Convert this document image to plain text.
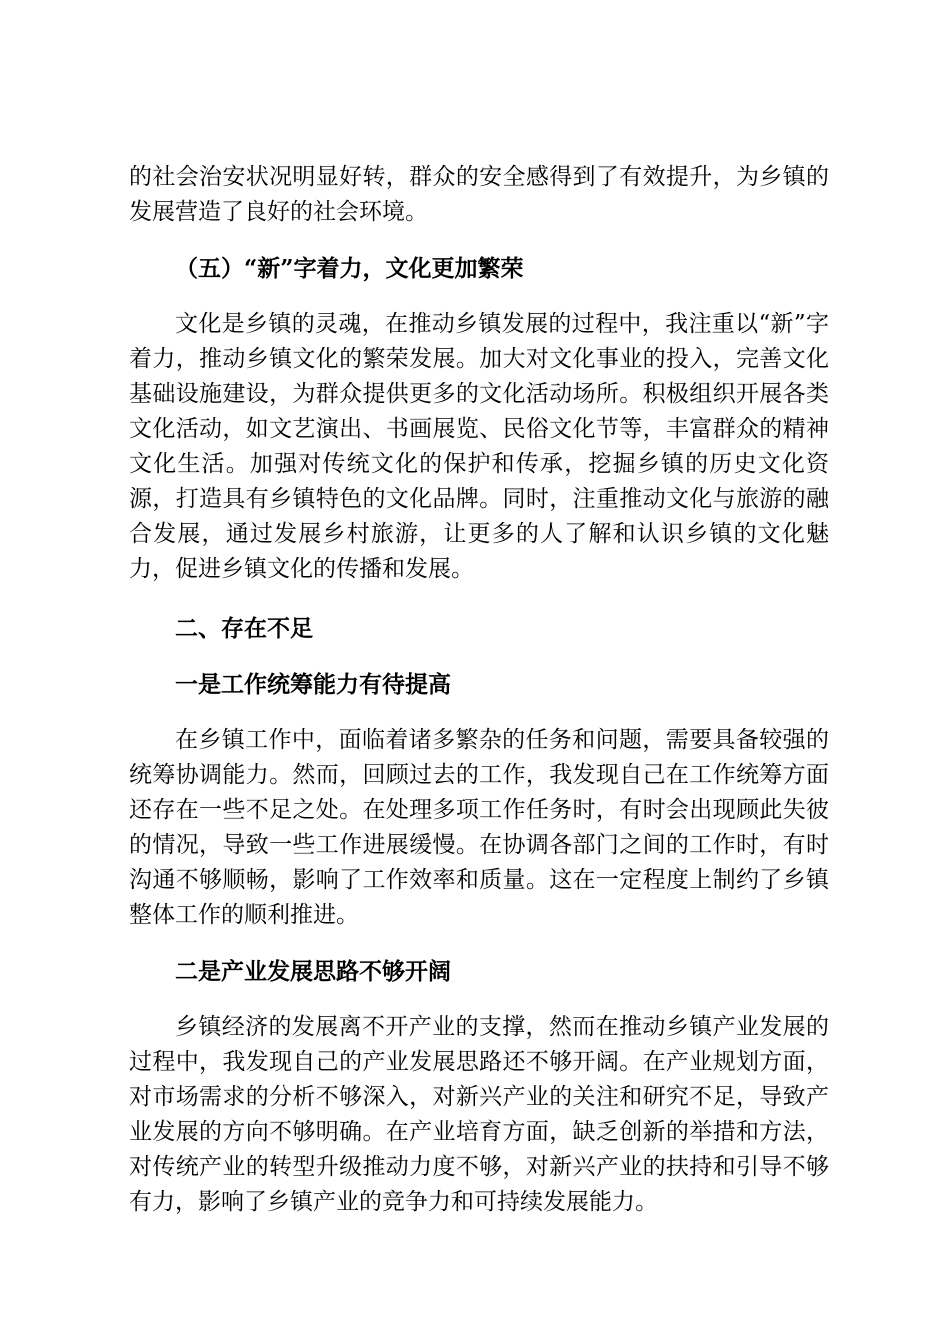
的社会治安状况明显好转，群众的安全感得到了有效提升，为乡镇的发展营造了良好的社会环境。

（五）“新”字着力，文化更加繁荣

文化是乡镇的灵魂，在推动乡镇发展的过程中，我注重以“新”字着力，推动乡镇文化的繁荣发展。加大对文化事业的投入，完善文化基础设施建设，为群众提供更多的文化活动场所。积极组织开展各类文化活动，如文艺演出、书画展览、民俗文化节等，丰富群众的精神文化生活。加强对传统文化的保护和传承，挖掘乡镇的历史文化资源，打造具有乡镇特色的文化品牌。同时，注重推动文化与旅游的融合发展，通过发展乡村旅游，让更多的人了解和认识乡镇的文化魅力，促进乡镇文化的传播和发展。

二、存在不足

一是工作统筹能力有待提高

在乡镇工作中，面临着诸多繁杂的任务和问题，需要具备较强的统筹协调能力。然而，回顾过去的工作，我发现自己在工作统筹方面还存在一些不足之处。在处理多项工作任务时，有时会出现顾此失彼的情况，导致一些工作进展缓慢。在协调各部门之间的工作时，有时沟通不够顺畅，影响了工作效率和质量。这在一定程度上制约了乡镇整体工作的顺利推进。

二是产业发展思路不够开阔

乡镇经济的发展离不开产业的支撑，然而在推动乡镇产业发展的过程中，我发现自己的产业发展思路还不够开阔。在产业规划方面，对市场需求的分析不够深入，对新兴产业的关注和研究不足，导致产业发展的方向不够明确。在产业培育方面，缺乏创新的举措和方法，对传统产业的转型升级推动力度不够，对新兴产业的扶持和引导不够有力，影响了乡镇产业的竞争力和可持续发展能力。
